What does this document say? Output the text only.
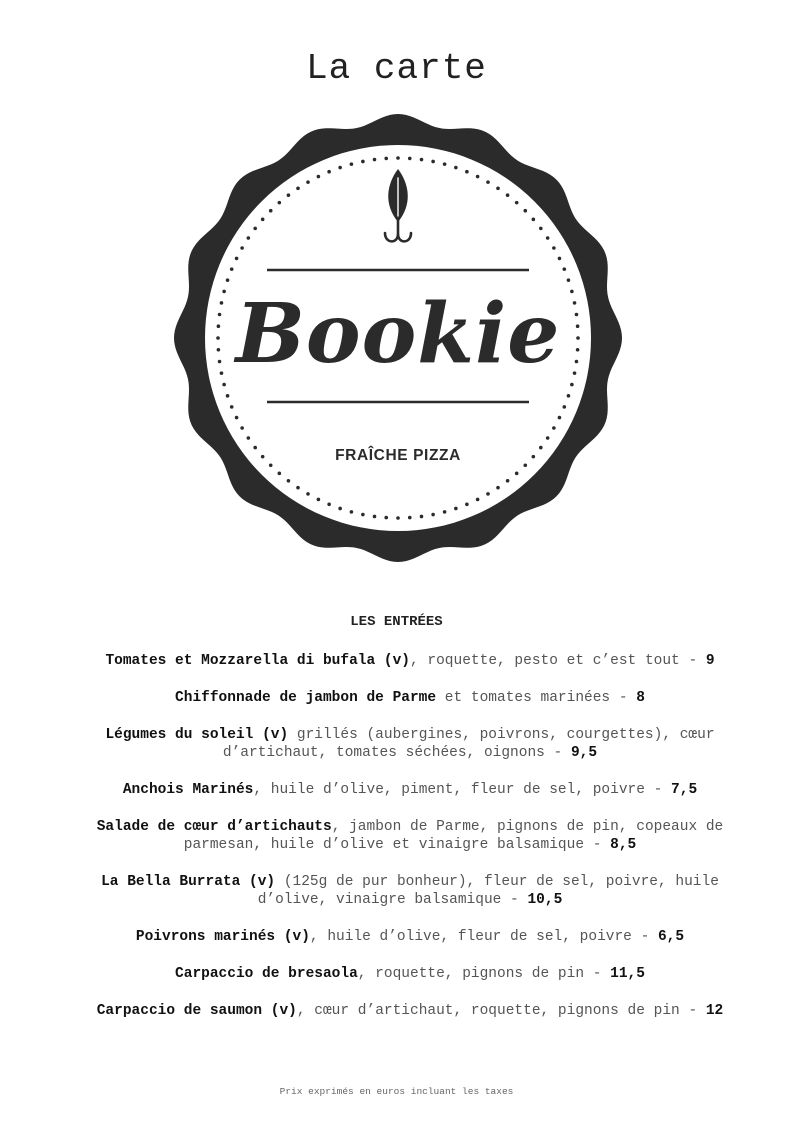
La carte
Bookie
FRAÎCHE PIZZA
LES ENTRÉES
Tomates et Mozzarella di bufala (v), roquette, pesto et c’est tout - 9
Chiffonnade de jambon de Parme et tomates marinées - 8
Légumes du soleil (v) grillés (aubergines, poivrons, courgettes), cœur d’artichaut, tomates séchées, oignons - 9,5
Anchois Marinés, huile d’olive, piment, fleur de sel, poivre - 7,5
Salade de cœur d’artichauts, jambon de Parme, pignons de pin, copeaux de parmesan, huile d’olive et vinaigre balsamique - 8,5
La Bella Burrata (v) (125g de pur bonheur), fleur de sel, poivre, huile d’olive, vinaigre balsamique - 10,5
Poivrons marinés (v), huile d’olive, fleur de sel, poivre - 6,5
Carpaccio de bresaola, roquette, pignons de pin - 11,5
Carpaccio de saumon (v), cœur d’artichaut, roquette, pignons de pin - 12
Prix exprimés en euros incluant les taxes
